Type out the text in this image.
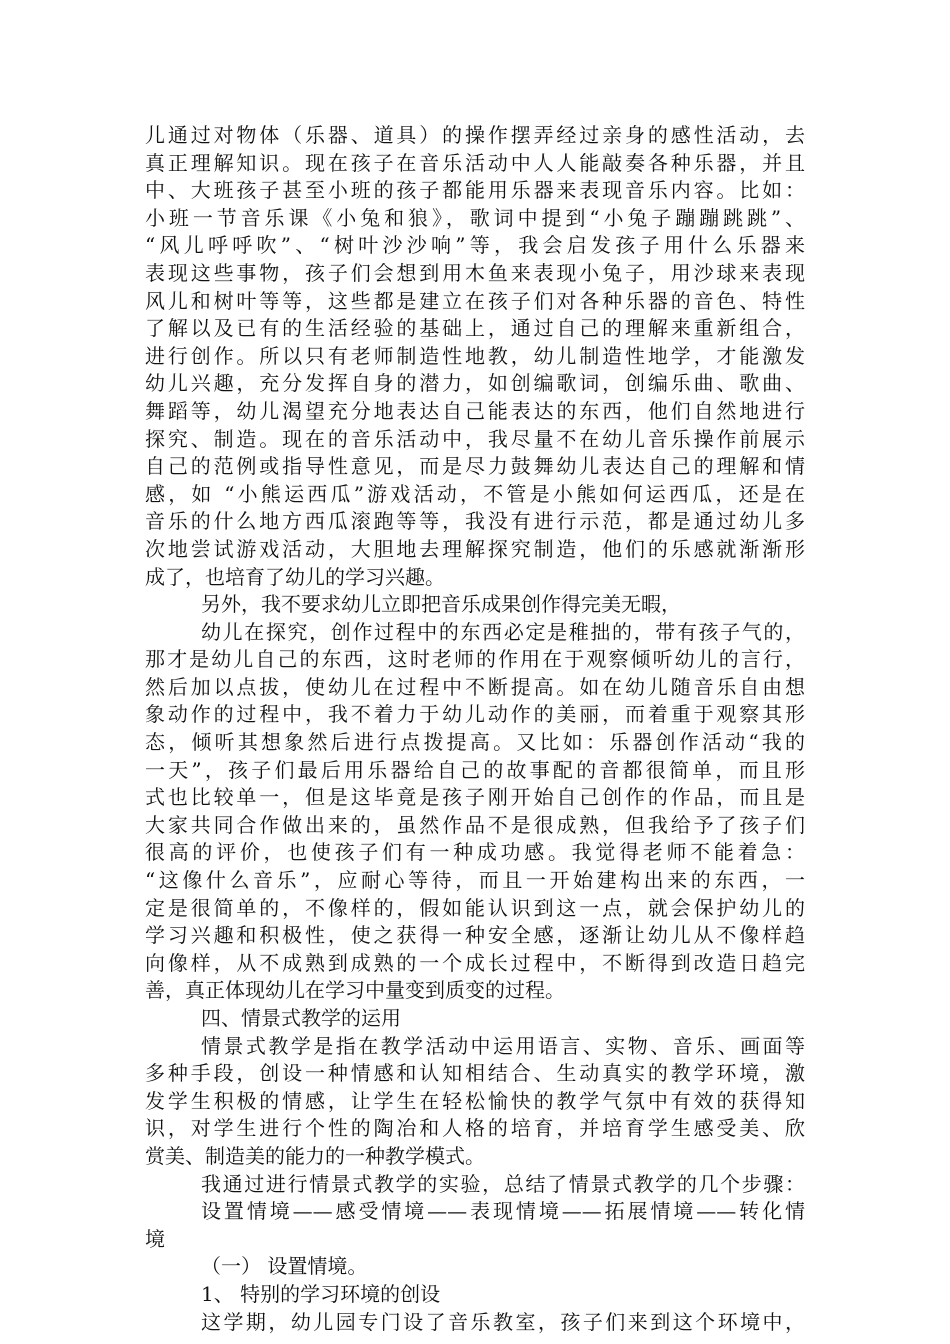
儿通过对物体（乐器、道具）的操作摆弄经过亲身的感性活动，去
真正理解知识。现在孩子在音乐活动中人人能敲奏各种乐器，并且
中、大班孩子甚至小班的孩子都能用乐器来表现音乐内容。比如：
小班一节音乐课《小兔和狼》，歌词中提到“小兔子蹦蹦跳跳”、
“风儿呼呼吹”、“树叶沙沙响”等，我会启发孩子用什么乐器来
表现这些事物，孩子们会想到用木鱼来表现小兔子，用沙球来表现
风儿和树叶等等，这些都是建立在孩子们对各种乐器的音色、特性
了解以及已有的生活经验的基础上，通过自己的理解来重新组合，
进行创作。所以只有老师制造性地教，幼儿制造性地学，才能激发
幼儿兴趣，充分发挥自身的潜力，如创编歌词，创编乐曲、歌曲、
舞蹈等，幼儿渴望充分地表达自己能表达的东西，他们自然地进行
探究、制造。现在的音乐活动中，我尽量不在幼儿音乐操作前展示
自己的范例或指导性意见，而是尽力鼓舞幼儿表达自己的理解和情
感，如 “小熊运西瓜”游戏活动，不管是小熊如何运西瓜，还是在
音乐的什么地方西瓜滚跑等等，我没有进行示范，都是通过幼儿多
次地尝试游戏活动，大胆地去理解探究制造，他们的乐感就渐渐形
成了，也培育了幼儿的学习兴趣。
另外，我不要求幼儿立即把音乐成果创作得完美无暇，
幼儿在探究，创作过程中的东西必定是稚拙的，带有孩子气的，
那才是幼儿自己的东西，这时老师的作用在于观察倾听幼儿的言行，
然后加以点拔，使幼儿在过程中不断提高。如在幼儿随音乐自由想
象动作的过程中，我不着力于幼儿动作的美丽，而着重于观察其形
态，倾听其想象然后进行点拨提高。又比如：乐器创作活动“我的
一天”，孩子们最后用乐器给自己的故事配的音都很简单，而且形
式也比较单一，但是这毕竟是孩子刚开始自己创作的作品，而且是
大家共同合作做出来的，虽然作品不是很成熟，但我给予了孩子们
很高的评价，也使孩子们有一种成功感。我觉得老师不能着急：
“这像什么音乐”，应耐心等待，而且一开始建构出来的东西，一
定是很简单的，不像样的，假如能认识到这一点，就会保护幼儿的
学习兴趣和积极性，使之获得一种安全感，逐渐让幼儿从不像样趋
向像样，从不成熟到成熟的一个成长过程中，不断得到改造日趋完
善，真正体现幼儿在学习中量变到质变的过程。
四、情景式教学的运用
情景式教学是指在教学活动中运用语言、实物、音乐、画面等
多种手段，创设一种情感和认知相结合、生动真实的教学环境，激
发学生积极的情感，让学生在轻松愉快的教学气氛中有效的获得知
识，对学生进行个性的陶冶和人格的培育，并培育学生感受美、欣
赏美、制造美的能力的一种教学模式。
我通过进行情景式教学的实验，总结了情景式教学的几个步骤：
设置情境——感受情境——表现情境——拓展情境——转化情
境
（一） 设置情境。
1、 特别的学习环境的创设
这学期，幼儿园专门设了音乐教室，孩子们来到这个环境中，
